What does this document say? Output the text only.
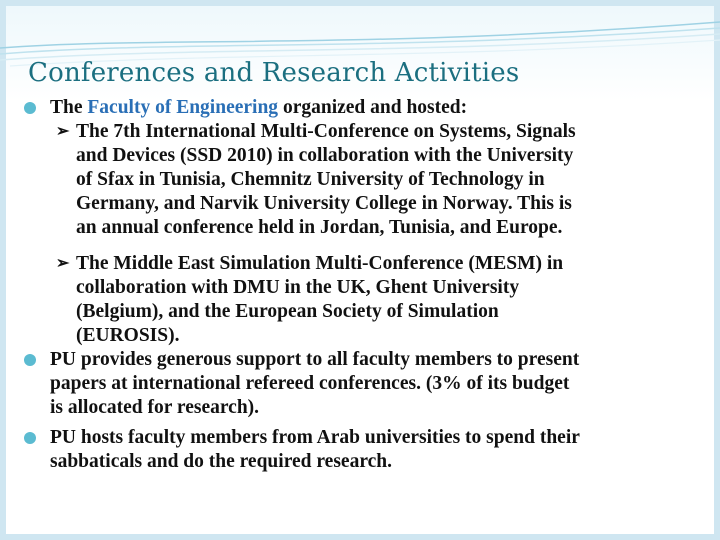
Conferences and Research Activities
The Faculty of Engineering organized and hosted:
➢ The 7th International Multi-Conference on Systems, Signals
and Devices (SSD 2010) in collaboration with the University
of Sfax in Tunisia, Chemnitz University of Technology in
Germany, and Narvik University College in Norway. This is
an annual conference held in Jordan, Tunisia, and Europe.
➢ The Middle East Simulation Multi-Conference (MESM) in
collaboration with DMU in the UK, Ghent University
(Belgium), and the European Society of Simulation
(EUROSIS).
PU provides generous support to all faculty members to present
papers at international refereed conferences. (3% of its budget
is allocated for research).
PU hosts faculty members from Arab universities to spend their
sabbaticals and do the required research.
